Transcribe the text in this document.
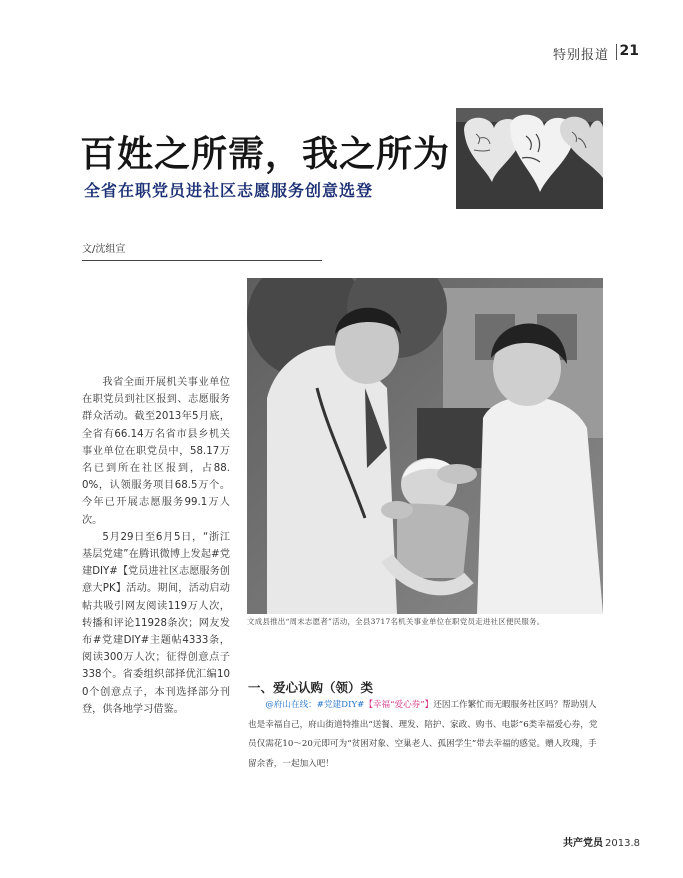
特别报道 21
百姓之所需，我之所为
全省在职党员进社区志愿服务创意选登
文/沈组宣
文成县推出“周末志愿者”活动，全县3717名机关事业单位在职党员走进社区便民服务。

我省全面开展机关事业单位在职党员到社区报到、志愿服务群众活动。截至2013年5月底，全省有66.14万名省市县乡机关事业单位在职党员中，58.17万名已到所在社区报到，占88.0%，认领服务项目68.5万个。今年已开展志愿服务99.1万人次。

5月29日至6月5日，“浙江基层党建”在腾讯微博上发起#党建DIY#【党员进社区志愿服务创意大PK】活动。期间，活动启动帖共吸引网友阅读119万人次，转播和评论11928条次；网友发布#党建DIY#主题帖4333条，阅读300万人次；征得创意点子338个。省委组织部择优汇编100个创意点子，本刊选择部分刊登，供各地学习借鉴。

一、爱心认购（领）类

@府山在线：#党建DIY#【幸福“爱心券”】还因工作繁忙而无暇服务社区吗？帮助别人也是幸福自己，府山街道特推出“送餐、理发、陪护、家政、购书、电影”6类幸福爱心券，党员仅需花10～20元即可为“贫困对象、空巢老人、孤困学生”带去幸福的感觉。赠人玫瑰，手留余香，一起加入吧！

共产党员 2013.8
